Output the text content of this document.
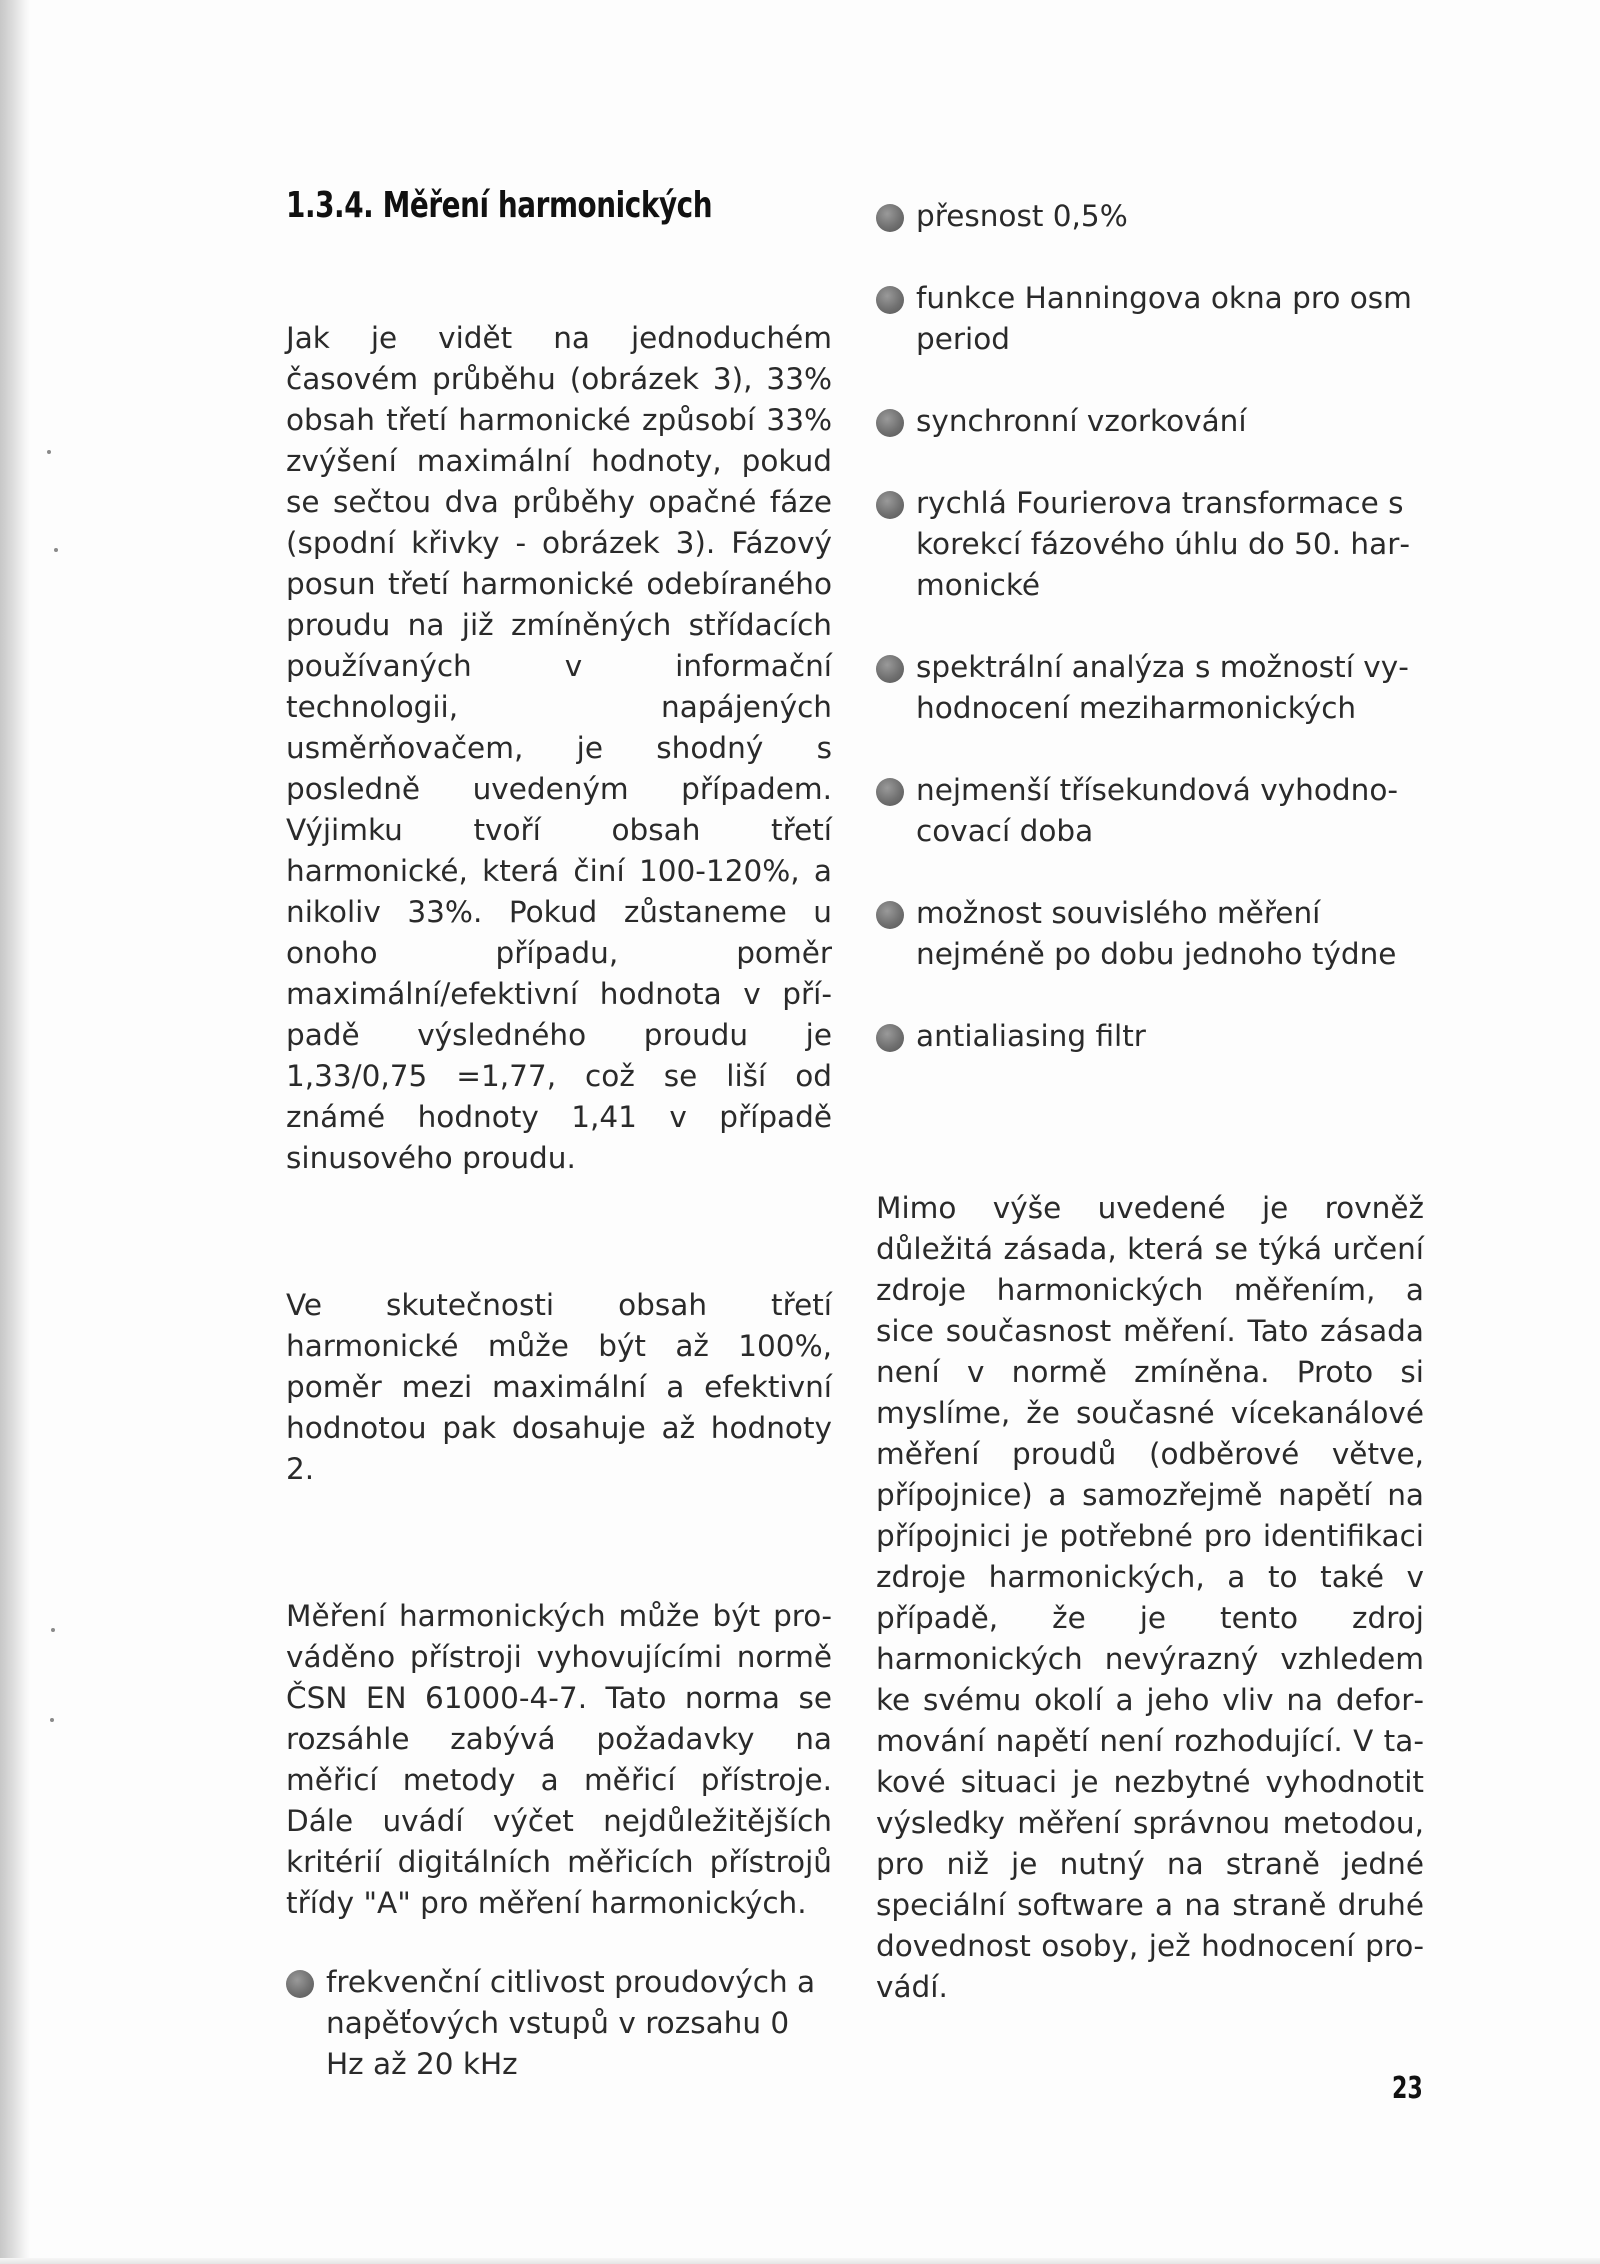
1.3.4. Měření harmonických

Jak je vidět na jednoduchém časovém průběhu (obrázek 3), 33% obsah třetí harmonické způsobí 33% zvýšení maximální hodnoty, pokud se sečtou dva průběhy opačné fáze (spodní křivky - obrázek 3). Fázový posun třetí harmonické odebíraného proudu na již zmíněných střídacích používaných v informační technologii, napájených usměrňovačem, je shodný s posledně uvedeným případem. Výjimku tvoří obsah třetí harmonické, která činí 100-120%, a nikoliv 33%. Pokud zůstaneme u onoho případu, poměr maximální/efektivní hodnota v případě výsledného proudu je 1,33/0,75 =1,77, což se liší od známé hodnoty 1,41 v případě sinusového proudu.

Ve skutečnosti obsah třetí harmonické může být až 100%, poměr mezi maximální a efektivní hodnotou pak dosahuje až hodnoty 2.

Měření harmonických může být prováděno přístroji vyhovujícími normě ČSN EN 61000-4-7. Tato norma se rozsáhle zabývá požadavky na měřicí metody a měřicí přístroje. Dále uvádí výčet nejdůležitějších kritérií digitálních měřicích přístrojů třídy "A" pro měření harmonických.

frekvenční citlivost proudových a napěťových vstupů v rozsahu 0 Hz až 20 kHz
přesnost 0,5%
funkce Hanningova okna pro osm period
synchronní vzorkování
rychlá Fourierova transformace s korekcí fázového úhlu do 50. harmonické
spektrální analýza s možností vyhodnocení meziharmonických
nejmenší třísekundová vyhodnocovací doba
možnost souvislého měření nejméně po dobu jednoho týdne
antialiasing filtr

Mimo výše uvedené je rovněž důležitá zásada, která se týká určení zdroje harmonických měřením, a sice současnost měření. Tato zásada není v normě zmíněna. Proto si myslíme, že současné vícekanálové měření proudů (odběrové větve, přípojnice) a samozřejmě napětí na přípojnici je potřebné pro identifikaci zdroje harmonických, a to také v případě, že je tento zdroj harmonických nevýrazný vzhledem ke svému okolí a jeho vliv na deformování napětí není rozhodující. V takové situaci je nezbytné vyhodnotit výsledky měření správnou metodou, pro niž je nutný na straně jedné speciální software a na straně druhé dovednost osoby, jež hodnocení provádí.

23
